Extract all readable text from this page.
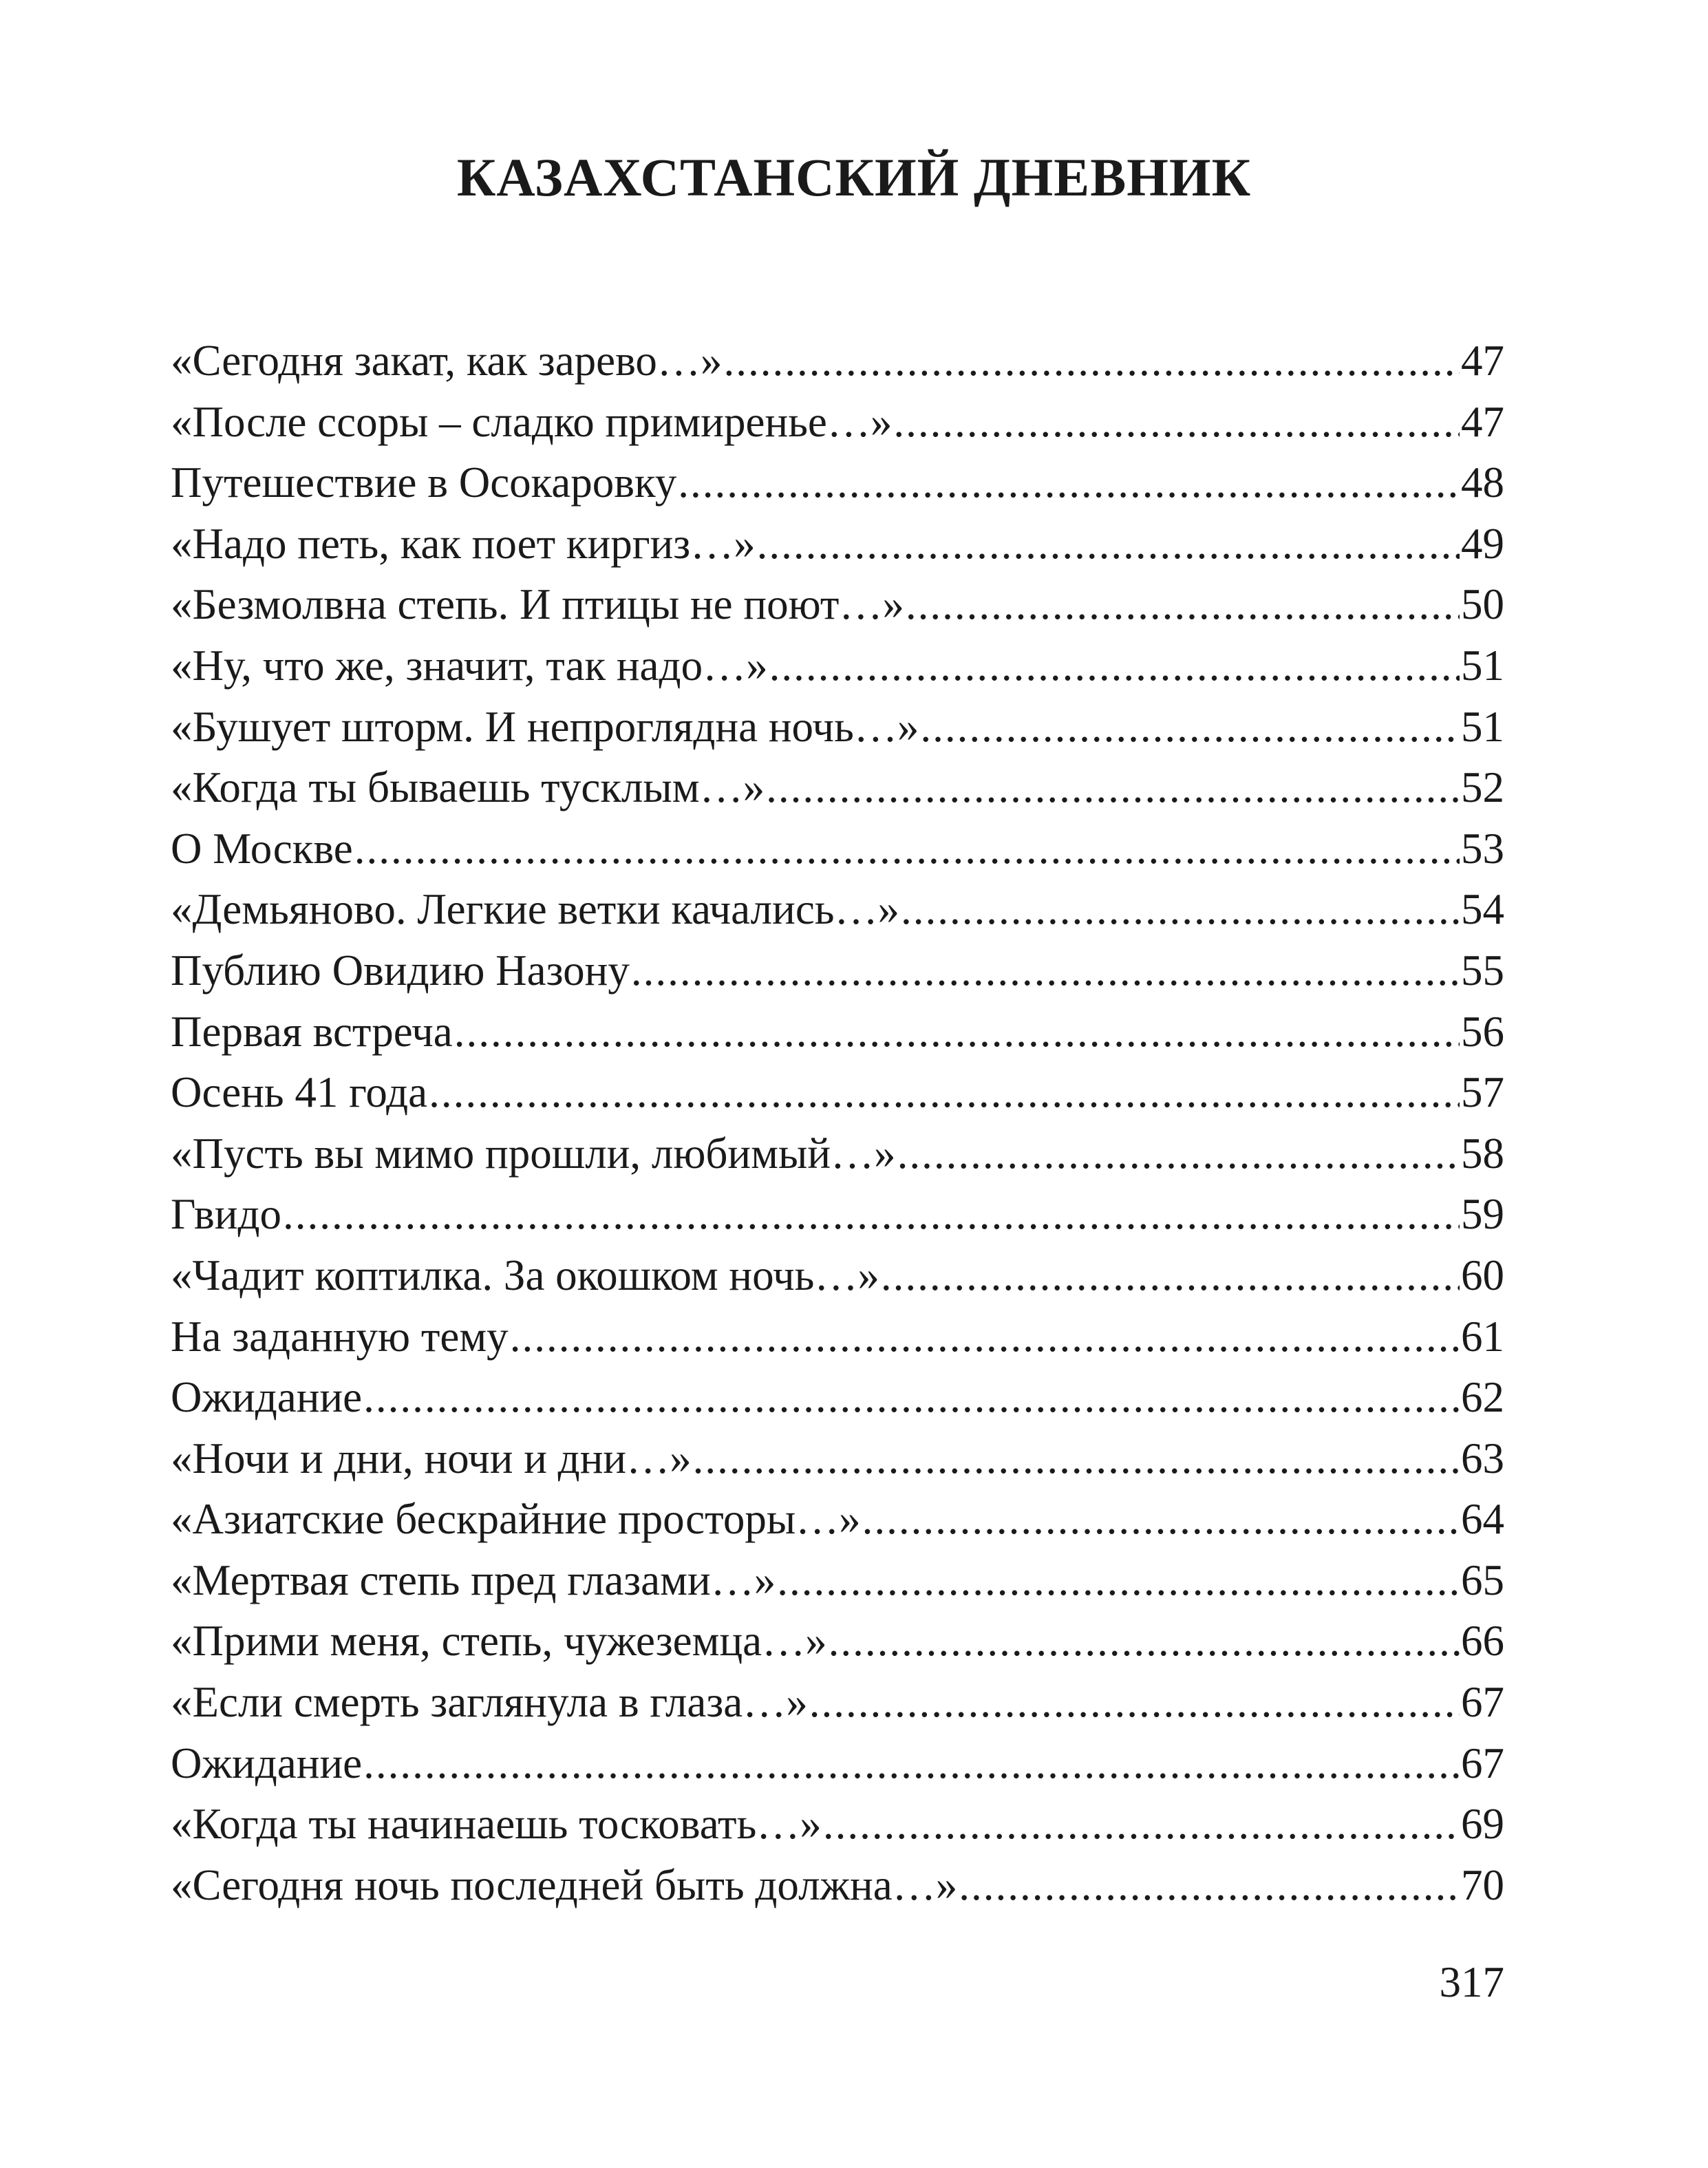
КАЗАХСТАНСКИЙ ДНЕВНИК
«Сегодня закат, как зарево…» .....	47
«После ссоры – сладко примиренье…» .....	47
Путешествие в Осокаровку .....	48
«Надо петь, как поет киргиз…» .....	49
«Безмолвна степь. И птицы не поют…» .....	50
«Ну, что же, значит, так надо…» .....	51
«Бушует шторм. И непроглядна ночь…» .....	51
«Когда ты бываешь тусклым…» .....	52
О Москве .....	53
«Демьяново. Легкие ветки качались…» .....	54
Публию Овидию Назону .....	55
Первая встреча .....	56
Осень 41 года .....	57
«Пусть вы мимо прошли, любимый…» .....	58
Гвидо .....	59
«Чадит коптилка. За окошком ночь…» .....	60
На заданную тему .....	61
Ожидание .....	62
«Ночи и дни, ночи и дни…» .....	63
«Азиатские бескрайние просторы…» .....	64
«Мертвая степь пред глазами…» .....	65
«Прими меня, степь, чужеземца…» .....	66
«Если смерть заглянула в глаза…» .....	67
Ожидание .....	67
«Когда ты начинаешь тосковать…» .....	69
«Сегодня ночь последней быть должна…» .....	70

317
